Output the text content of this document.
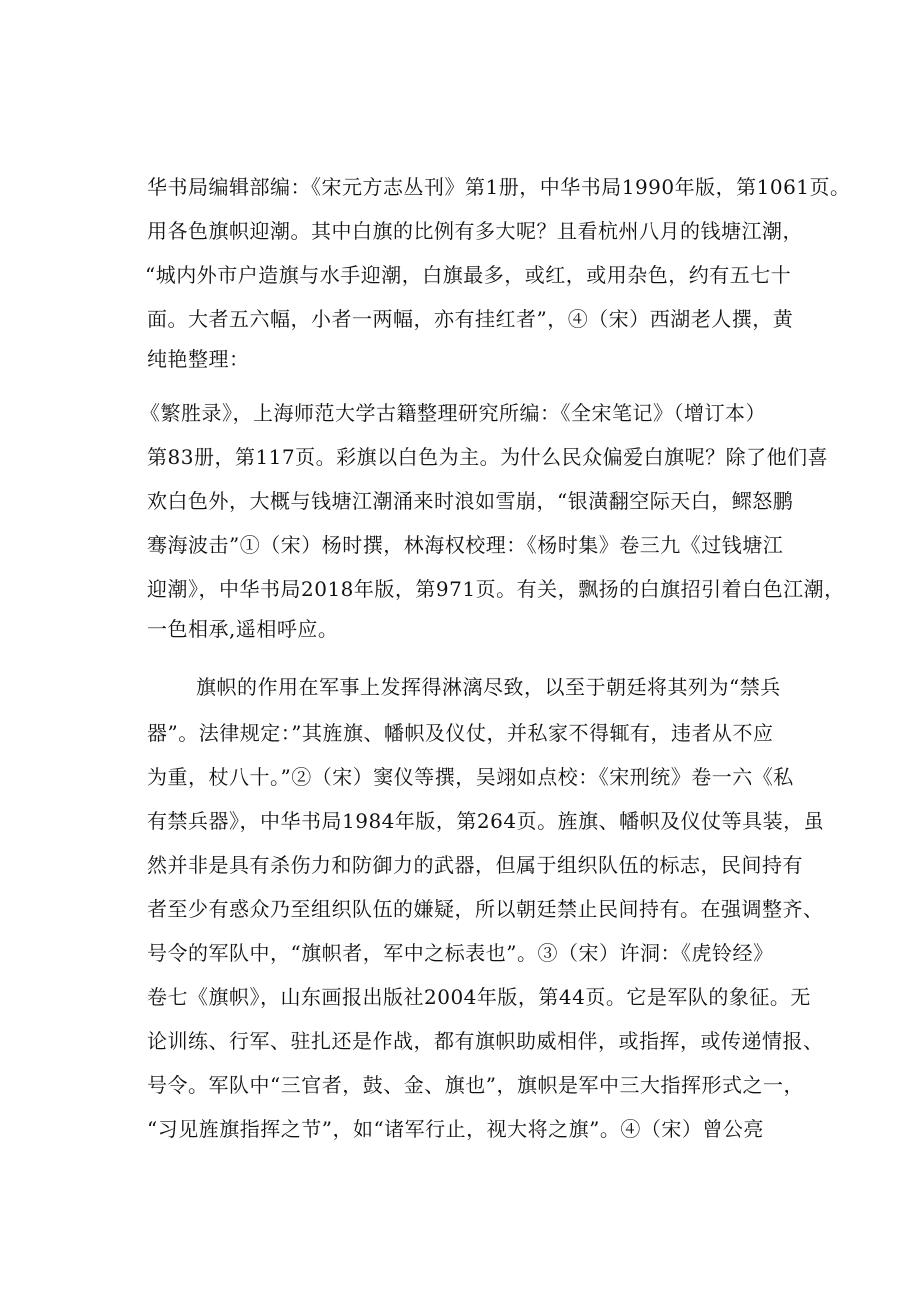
华书局编辑部编：《宋元方志丛刊》第1册，中华书局1990年版，第1061页。
用各色旗帜迎潮。其中白旗的比例有多大呢？且看杭州八月的钱塘江潮，
“城内外市户造旗与水手迎潮，白旗最多，或红，或用杂色，约有五七十
面。大者五六幅，小者一两幅，亦有挂红者”，④（宋）西湖老人撰，黄
纯艳整理：
《繁胜录》，上海师范大学古籍整理研究所编：《全宋笔记》（增订本）
第83册，第117页。彩旗以白色为主。为什么民众偏爱白旗呢？除了他们喜
欢白色外，大概与钱塘江潮涌来时浪如雪崩，“银潢翻空际天白，鳏怒鹏
骞海波击”①（宋）杨时撰，林海权校理：《杨时集》卷三九《过钱塘江
迎潮》，中华书局2018年版，第971页。有关，飘扬的白旗招引着白色江潮，
一色相承,遥相呼应。
旗帜的作用在军事上发挥得淋漓尽致，以至于朝廷将其列为“禁兵
器”。法律规定：”其旌旗、幡帜及仪仗，并私家不得辄有，违者从不应
为重，杖八十。”②（宋）窦仪等撰，吴翊如点校：《宋刑统》卷一六《私
有禁兵器》，中华书局1984年版，第264页。旌旗、幡帜及仪仗等具装，虽
然并非是具有杀伤力和防御力的武器，但属于组织队伍的标志，民间持有
者至少有惑众乃至组织队伍的嫌疑，所以朝廷禁止民间持有。在强调整齐、
号令的军队中，“旗帜者，军中之标表也”。③（宋）许洞：《虎铃经》
卷七《旗帜》，山东画报出版社2004年版，第44页。它是军队的象征。无
论训练、行军、驻扎还是作战，都有旗帜助威相伴，或指挥，或传递情报、
号令。军队中“三官者，鼓、金、旗也”，旗帜是军中三大指挥形式之一，
“习见旌旗指挥之节”，如“诸军行止，视大将之旗”。④（宋）曾公亮
